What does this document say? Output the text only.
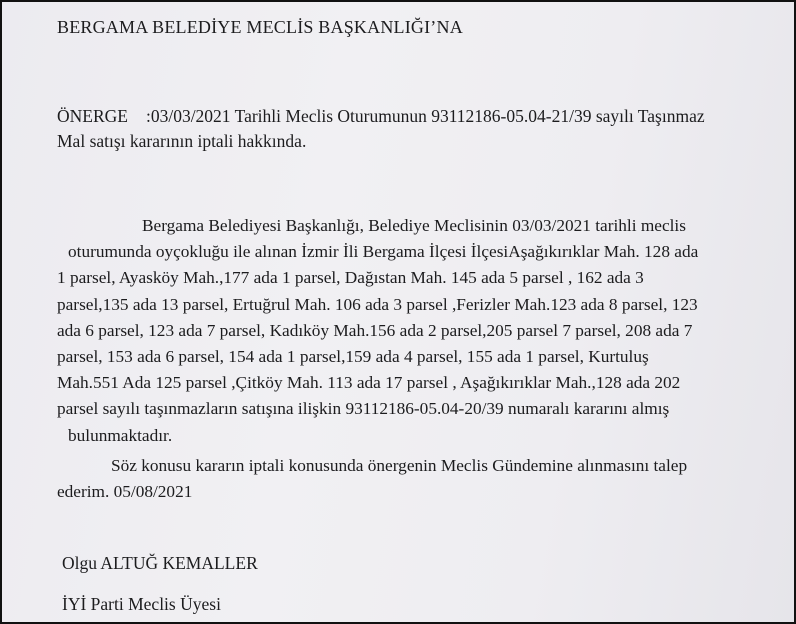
BERGAMA BELEDİYE MECLİS BAŞKANLIĞI’NA
ÖNERGE :03/03/2021 Tarihli Meclis Oturumunun 93112186-05.04-21/39 sayılı Taşınmaz
Mal satışı kararının iptali hakkında.
Bergama Belediyesi Başkanlığı, Belediye Meclisinin 03/03/2021 tarihli meclis
oturumunda oyçokluğu ile alınan İzmir İli Bergama İlçesi İlçesiAşağıkırıklar Mah. 128 ada
1 parsel, Ayasköy Mah.,177 ada 1 parsel, Dağıstan Mah. 145 ada 5 parsel , 162 ada 3
parsel,135 ada 13 parsel, Ertuğrul Mah. 106 ada 3 parsel ,Ferizler Mah.123 ada 8 parsel, 123
ada 6 parsel, 123 ada 7 parsel, Kadıköy Mah.156 ada 2 parsel,205 parsel 7 parsel, 208 ada 7
parsel, 153 ada 6 parsel, 154 ada 1 parsel,159 ada 4 parsel, 155 ada 1 parsel, Kurtuluş
Mah.551 Ada 125 parsel ,Çitköy Mah. 113 ada 17 parsel , Aşağıkırıklar Mah.,128 ada 202
parsel sayılı taşınmazların satışına ilişkin 93112186-05.04-20/39 numaralı kararını almış
bulunmaktadır.
Söz konusu kararın iptali konusunda önergenin Meclis Gündemine alınmasını talep
ederim. 05/08/2021
Olgu ALTUĞ KEMALLER
İYİ Parti Meclis Üyesi
